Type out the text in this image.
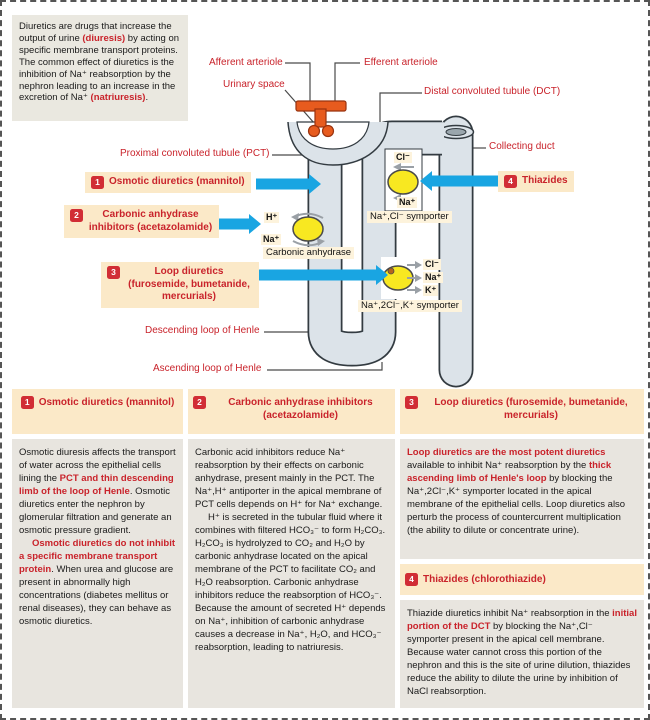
Diuretics are drugs that increase the output of urine (diuresis) by acting on specific membrane transport proteins. The common effect of diuretics is the inhibition of Na⁺ reabsorption by the nephron leading to an increase in the excretion of Na⁺ (natriuresis).
Afferent arteriole	Efferent arteriole
Urinary space
Distal convoluted tubule (DCT)
Collecting duct
Proximal convoluted tubule (PCT)
Descending loop of Henle
Ascending loop of Henle
1 Osmotic diuretics (mannitol)
2	Carbonic anhydrase inhibitors (acetazolamide)
3	Loop diuretics (furosemide, bumetanide, mercurials)
4 Thiazides
H⁺
Na⁺
Cl⁻
Na⁺
Cl⁻
Na⁺
K⁺
Carbonic anhydrase
Na⁺,Cl⁻ symporter
Na⁺,2Cl⁻,K⁺ symporter
1 Osmotic diuretics (mannitol)

Osmotic diuresis affects the transport of water across the epithelial cells lining the PCT and thin descending limb of the loop of Henle. Osmotic diuretics enter the nephron by glomerular filtration and generate an osmotic pressure gradient.

Osmotic diuretics do not inhibit a specific membrane transport protein. When urea and glucose are present in abnormally high concentrations (diabetes mellitus or renal diseases), they can behave as osmotic diuretics.

2	Carbonic anhydrase inhibitors (acetazolamide)

Carbonic acid inhibitors reduce Na⁺ reabsorption by their effects on carbonic anhydrase, present mainly in the PCT. The Na⁺,H⁺ antiporter in the apical membrane of PCT cells depends on H⁺ for Na⁺ exchange.

H⁺ is secreted in the tubular fluid where it combines with filtered HCO₃⁻ to form H₂CO₃. H₂CO₃ is hydrolyzed to CO₂ and H₂O by carbonic anhydrase located on the apical membrane of the PCT to facilitate CO₂ and H₂O reabsorption. Carbonic anhydrase inhibitors reduce the reabsorption of HCO₃⁻. Because the amount of secreted H⁺ depends on Na⁺, inhibition of carbonic anhydrase causes a decrease in Na⁺, H₂O, and HCO₃⁻ reabsorption, leading to natriuresis.

3	Loop diuretics (furosemide, bumetanide, mercurials)

Loop diuretics are the most potent diuretics available to inhibit Na⁺ reabsorption by the thick ascending limb of Henle's loop by blocking the Na⁺,2Cl⁻,K⁺ symporter located in the apical membrane of the epithelial cells. Loop diuretics also perturb the process of countercurrent multiplication (the ability to dilute or concentrate urine).

4 Thiazides (chlorothiazide)

Thiazide diuretics inhibit Na⁺ reabsorption in the initial portion of the DCT by blocking the Na⁺,Cl⁻ symporter present in the apical cell membrane. Because water cannot cross this portion of the nephron and this is the site of urine dilution, thiazides reduce the ability to dilute the urine by inhibition of NaCl reabsorption.
